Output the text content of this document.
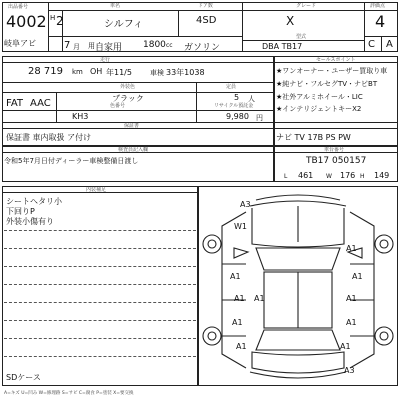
出品番号
4002
岐阜アビ
H 2
7 月
車名
シルフィ
用 自家用 1800 cc ガソリン
ドア数
4SD
グレード
X
型式
DBA TB17
評価点
4
C A
走行
28 719 km OH 年11/5	車検 33年1038
外装色
ブラック
定員
5 人
FAT AAC	色番号
KH3
リサイクル預託金
9,980 円
保証書
保証書 車内取扱 ア付け
セールスポイント
★ワンオーナー・ユーザー買取り車
★純ナビ・フルセグTV・ナビBT
★社外アルミホイール・LIC
★インテリジェントキーX2
ナビ TV 17B PS PW
検査員記入欄
令和5年7月日付ディーラー車検整備日渡し
車台番号
TB17 050157
L 461 W 176 H 149
内装補足
シートヘタリ小
下回りP
外装小傷有り
SDケース
A3
W1
A1
A1	A1
A1 A1	A1
A1	A1
A1	A1
A3
A=キズ U=凹み W=修理跡 S=サビ C=腐食 P=塗装 X=要交換
